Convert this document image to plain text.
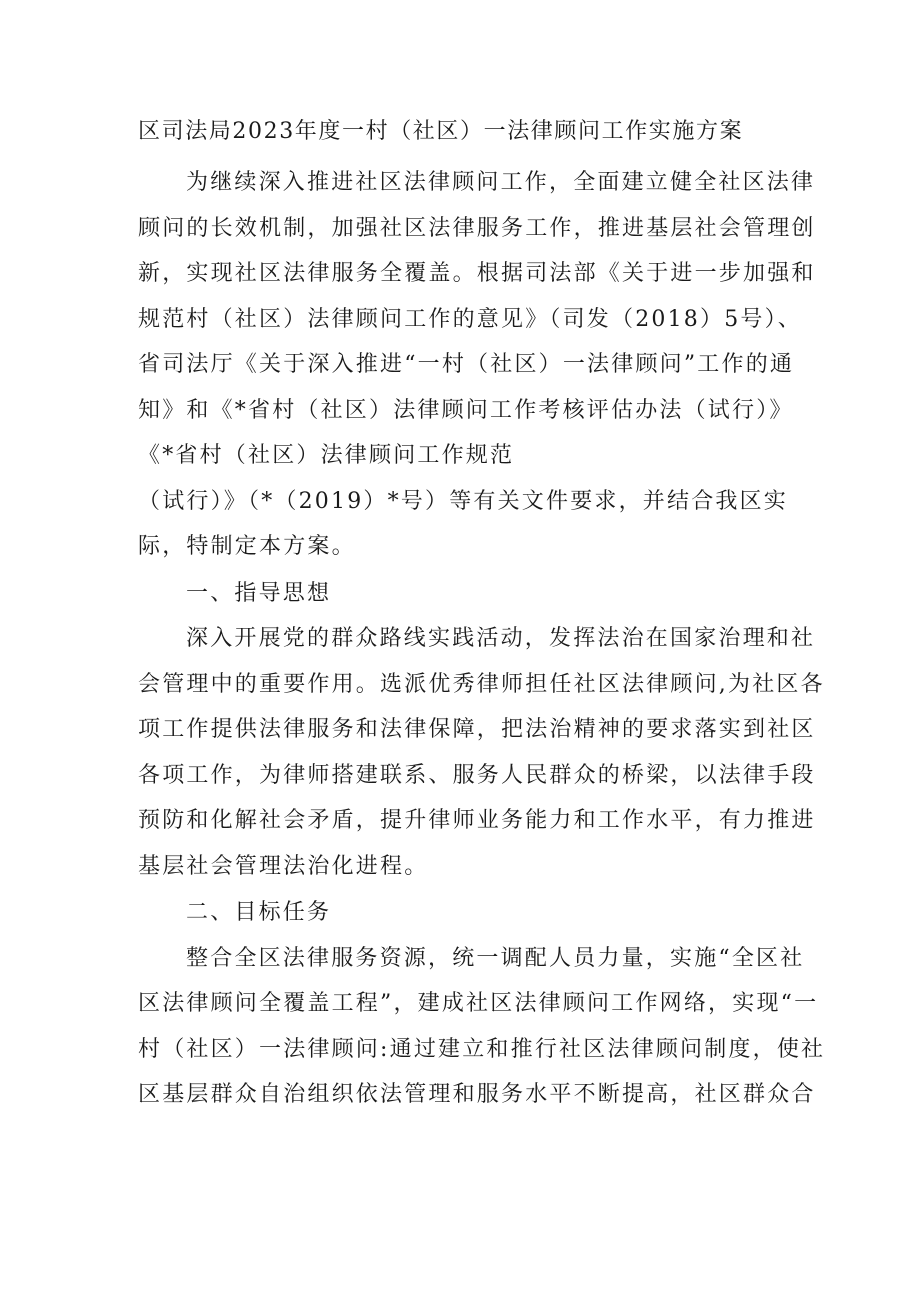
区司法局2023年度一村（社区）一法律顾问工作实施方案
为继续深入推进社区法律顾问工作，全面建立健全社区法律
顾问的长效机制，加强社区法律服务工作，推进基层社会管理创
新，实现社区法律服务全覆盖。根据司法部《关于进一步加强和
规范村（社区）法律顾问工作的意见》（司发（2018）5号）、
省司法厅《关于深入推进“一村（社区）一法律顾问”工作的通
知》和《*省村（社区）法律顾问工作考核评估办法（试行）》
《*省村（社区）法律顾问工作规范
（试行）》（*（2019）*号）等有关文件要求，并结合我区实
际，特制定本方案。
一、指导思想
深入开展党的群众路线实践活动，发挥法治在国家治理和社
会管理中的重要作用。选派优秀律师担任社区法律顾问,为社区各
项工作提供法律服务和法律保障，把法治精神的要求落实到社区
各项工作，为律师搭建联系、服务人民群众的桥梁，以法律手段
预防和化解社会矛盾，提升律师业务能力和工作水平，有力推进
基层社会管理法治化进程。
二、目标任务
整合全区法律服务资源，统一调配人员力量，实施“全区社
区法律顾问全覆盖工程”，建成社区法律顾问工作网络，实现“一
村（社区）一法律顾问:通过建立和推行社区法律顾问制度，使社
区基层群众自治组织依法管理和服务水平不断提高，社区群众合
